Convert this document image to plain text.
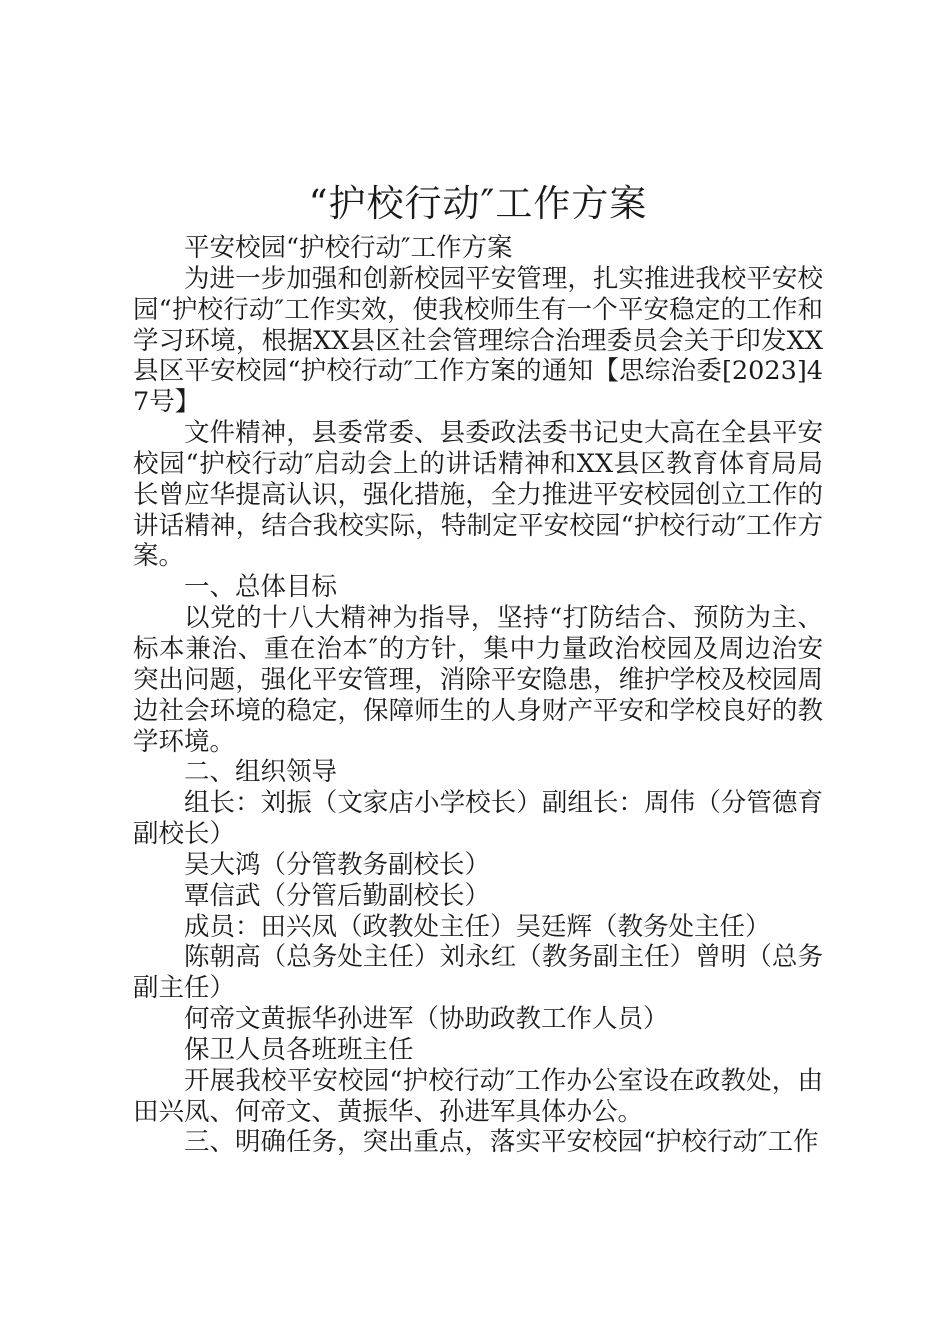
“护校行动″工作方案

平安校园“护校行动″工作方案

为进一步加强和创新校园平安管理，扎实推进我校平安校园“护校行动″工作实效，使我校师生有一个平安稳定的工作和学习环境，根据XX县区社会管理综合治理委员会关于印发XX县区平安校园“护校行动″工作方案的通知【思综治委[2023]47号】

文件精神，县委常委、县委政法委书记史大高在全县平安校园“护校行动″启动会上的讲话精神和XX县区教育体育局局长曾应华提高认识，强化措施，全力推进平安校园创立工作的讲话精神，结合我校实际，特制定平安校园“护校行动″工作方案。

一、总体目标

以党的十八大精神为指导，坚持“打防结合、预防为主、标本兼治、重在治本″的方针，集中力量政治校园及周边治安突出问题，强化平安管理，消除平安隐患，维护学校及校园周边社会环境的稳定，保障师生的人身财产平安和学校良好的教学环境。

二、组织领导

组长：刘振（文家店小学校长）副组长：周伟（分管德育副校长）

吴大鸿（分管教务副校长）

覃信武（分管后勤副校长）

成员：田兴凤（政教处主任）吴廷辉（教务处主任）

陈朝高（总务处主任）刘永红（教务副主任）曾明（总务副主任）

何帝文黄振华孙进军（协助政教工作人员）

保卫人员各班班主任

开展我校平安校园“护校行动″工作办公室设在政教处，由田兴凤、何帝文、黄振华、孙进军具体办公。

三、明确任务，突出重点，落实平安校园“护校行动″工作
